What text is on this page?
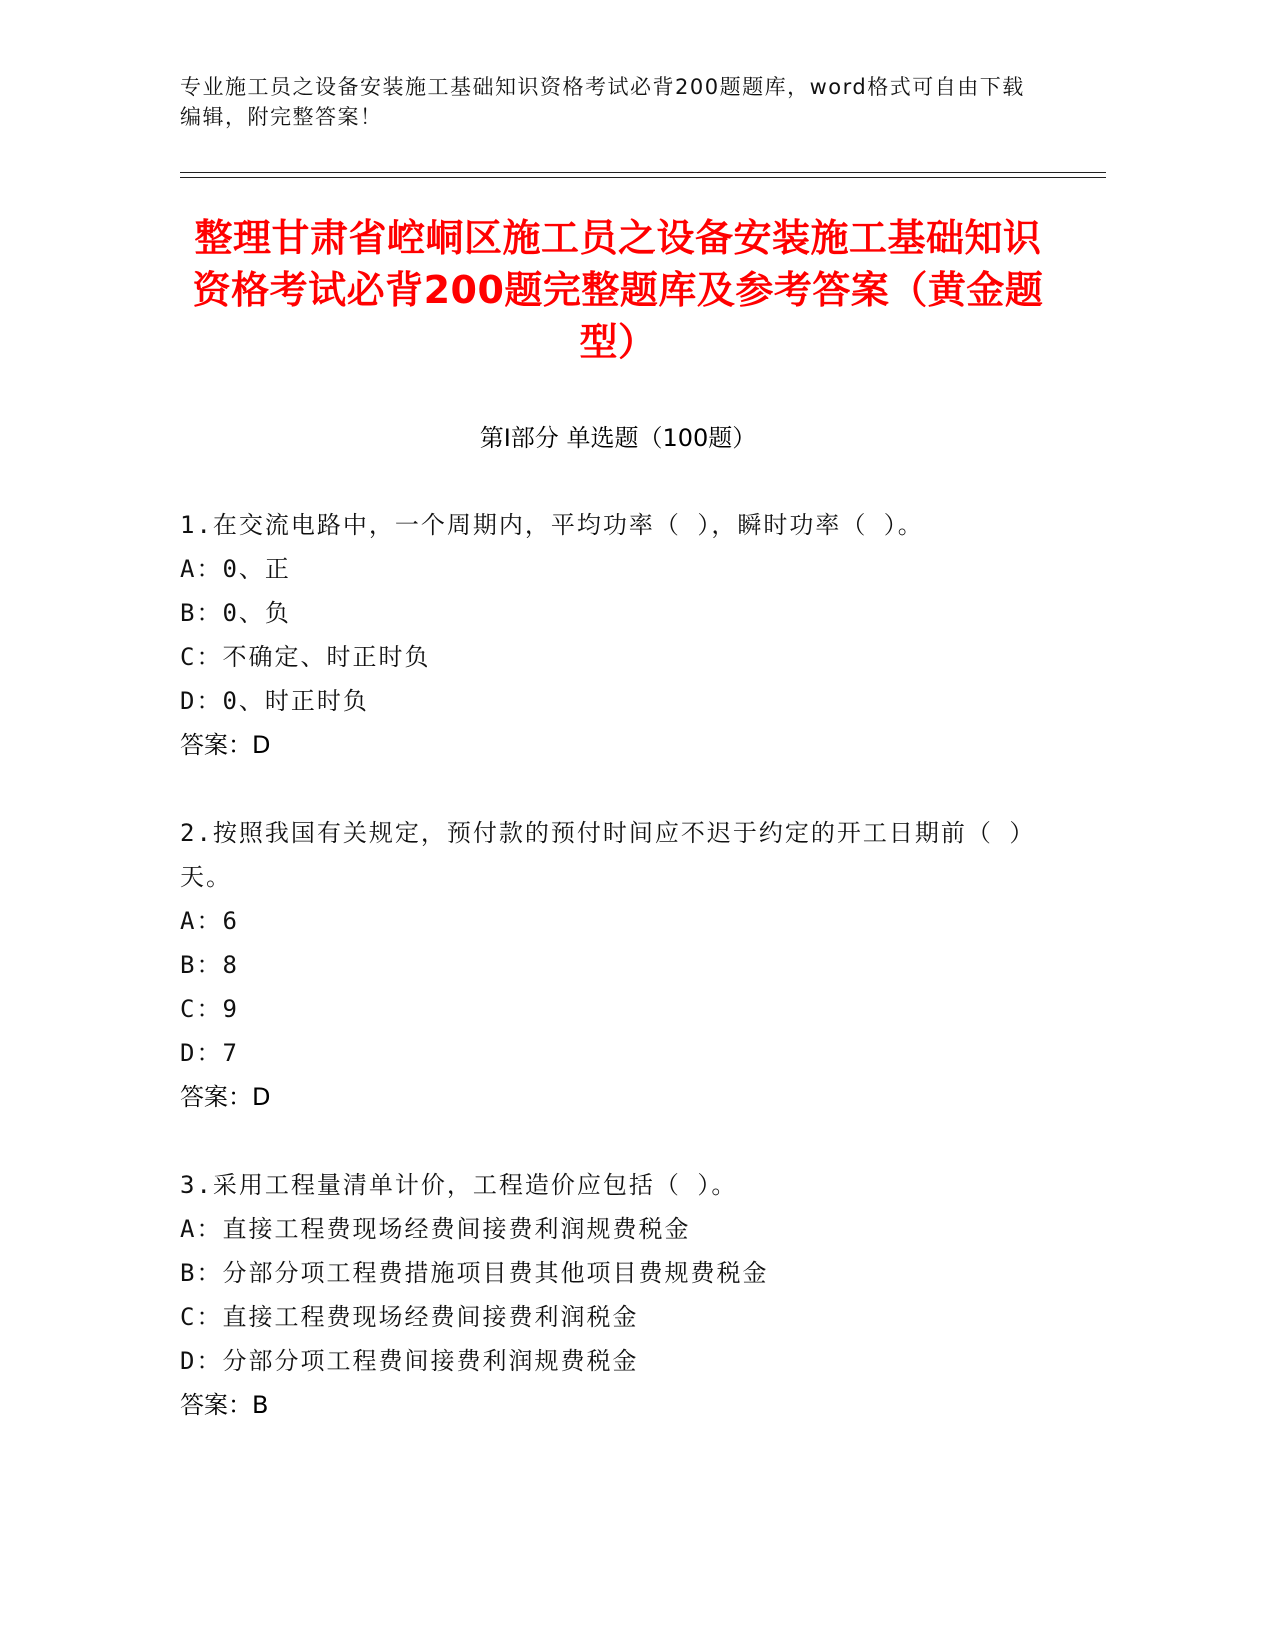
专业施工员之设备安装施工基础知识资格考试必背200题题库，word格式可自由下载编辑，附完整答案！
整理甘肃省崆峒区施工员之设备安装施工基础知识资格考试必背200题完整题库及参考答案（黄金题型）
第Ⅰ部分 单选题（100题）
1.在交流电路中，一个周期内，平均功率（ ），瞬时功率（ ）。
A：0、正
B：0、负
C：不确定、时正时负
D：0、时正时负
答案：D
2.按照我国有关规定，预付款的预付时间应不迟于约定的开工日期前（ ）天。
A：6
B：8
C：9
D：7
答案：D
3.采用工程量清单计价，工程造价应包括（ ）。
A：直接工程费现场经费间接费利润规费税金
B：分部分项工程费措施项目费其他项目费规费税金
C：直接工程费现场经费间接费利润税金
D：分部分项工程费间接费利润规费税金
答案：B
